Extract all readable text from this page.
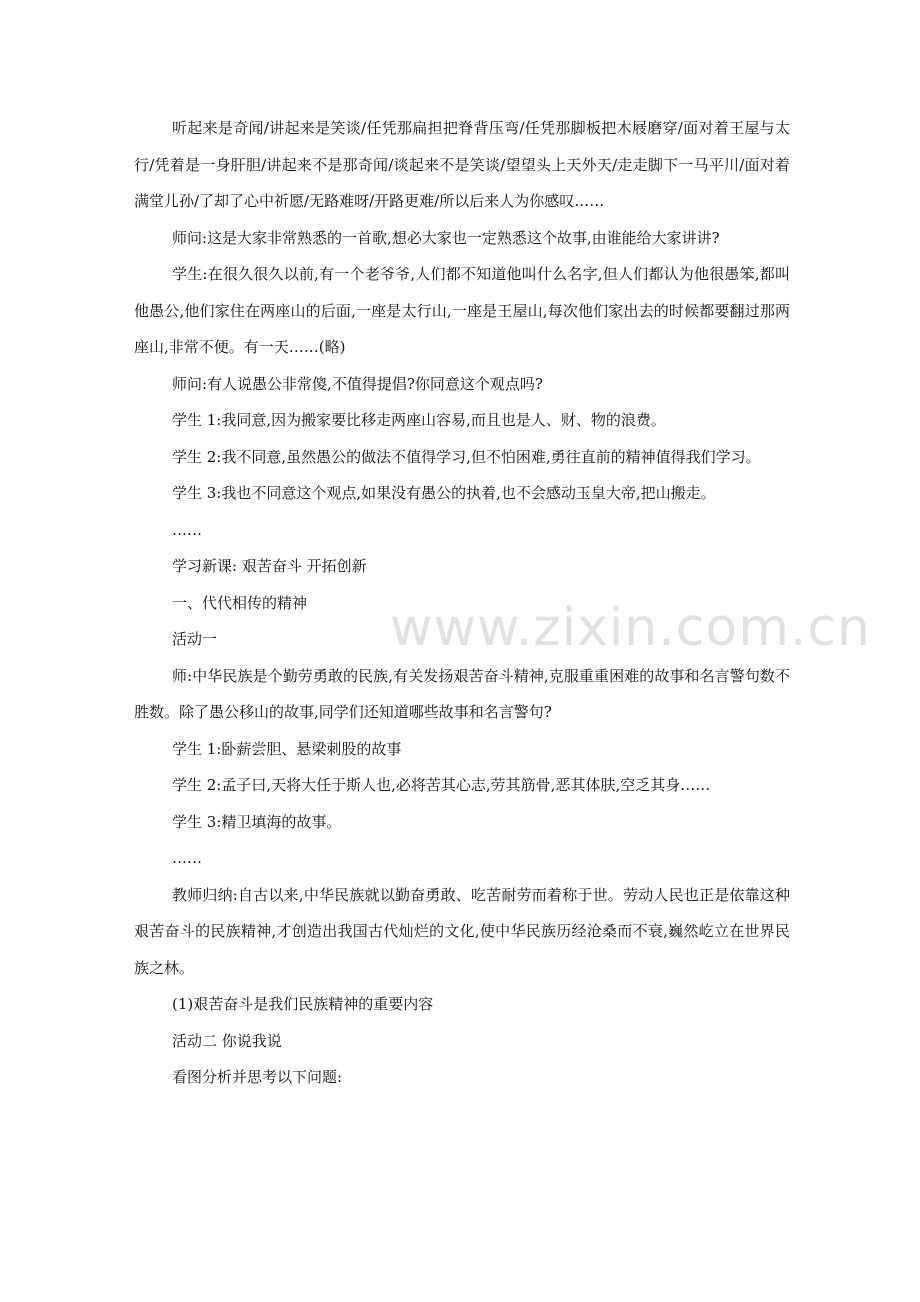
听起来是奇闻/讲起来是笑谈/任凭那扁担把脊背压弯/任凭那脚板把木屐磨穿/面对着王屋与太行/凭着是一身肝胆/讲起来不是那奇闻/谈起来不是笑谈/望望头上天外天/走走脚下一马平川/面对着满堂儿孙/了却了心中祈愿/无路难呀/开路更难/所以后来人为你感叹……

师问:这是大家非常熟悉的一首歌,想必大家也一定熟悉这个故事,由谁能给大家讲讲?

学生:在很久很久以前,有一个老爷爷,人们都不知道他叫什么名字,但人们都认为他很愚笨,都叫他愚公,他们家住在两座山的后面,一座是太行山,一座是王屋山,每次他们家出去的时候都要翻过那两座山,非常不便。有一天……(略)

师问:有人说愚公非常傻,不值得提倡?你同意这个观点吗?

学生 1:我同意,因为搬家要比移走两座山容易,而且也是人、财、物的浪费。

学生 2:我不同意,虽然愚公的做法不值得学习,但不怕困难,勇往直前的精神值得我们学习。

学生 3:我也不同意这个观点,如果没有愚公的执着,也不会感动玉皇大帝,把山搬走。

……

学习新课: 艰苦奋斗 开拓创新

一、代代相传的精神

活动一

师:中华民族是个勤劳勇敢的民族,有关发扬艰苦奋斗精神,克服重重困难的故事和名言警句数不胜数。除了愚公移山的故事,同学们还知道哪些故事和名言警句?

学生 1:卧薪尝胆、悬梁刺股的故事

学生 2:孟子曰,天将大任于斯人也,必将苦其心志,劳其筋骨,恶其体肤,空乏其身……

学生 3:精卫填海的故事。

……

教师归纳:自古以来,中华民族就以勤奋勇敢、吃苦耐劳而着称于世。劳动人民也正是依靠这种艰苦奋斗的民族精神,才创造出我国古代灿烂的文化,使中华民族历经沧桑而不衰,巍然屹立在世界民族之林。

(1)艰苦奋斗是我们民族精神的重要内容

活动二 你说我说

看图分析并思考以下问题:

www.zixin.com.cn
